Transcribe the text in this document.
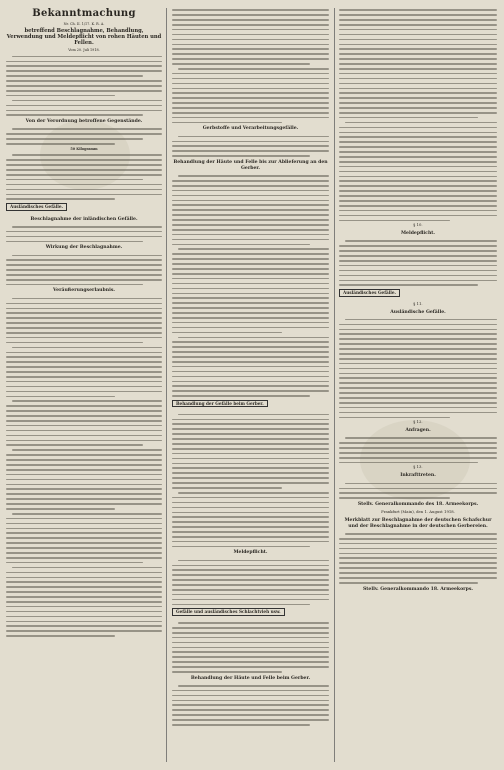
Bekanntmachung
Nr. Ch. II. 1/17. K. R. A.
betreffend Beschlagnahme, Behandlung, Verwendung und Meldepflicht von rohen Häuten und Fellen.
Vom 20. Juli 1918.
Von der Verordnung betroffene Gegenstände.
50 Kilogramm
Ausländisches Gefälle.
Beschlagnahme der inländischen Gefälle.
Wirkung der Beschlagnahme.
Veräußerungserlaubnis.
Gerbstoffe und Verarbeitungsgefälle.
Behandlung der Häute und Felle bis zur Ablieferung an den Gerber.
Behandlung der Gefälle beim Gerber.
Meldepflicht.
Gefälle und ausländisches Schlachtvieh usw.
Behandlung der Häute und Felle beim Gerber.
§ 10.
Meldepflicht.
Ausländisches Gefälle.
§ 11.
Ausländische Gefälle.
§ 12.
Anfragen.
§ 13.
Inkrafttreten.
Stellv. Generalkommando des 18. Armeekorps.
Frankfurt (Main), den 1. August 1918.
Merkblatt zur Beschlagnahme der deutschen Schafschur und der Beschlagnahme in der deutschen Gerbereien.
Stellv. Generalkommando 18. Armeekorps.
